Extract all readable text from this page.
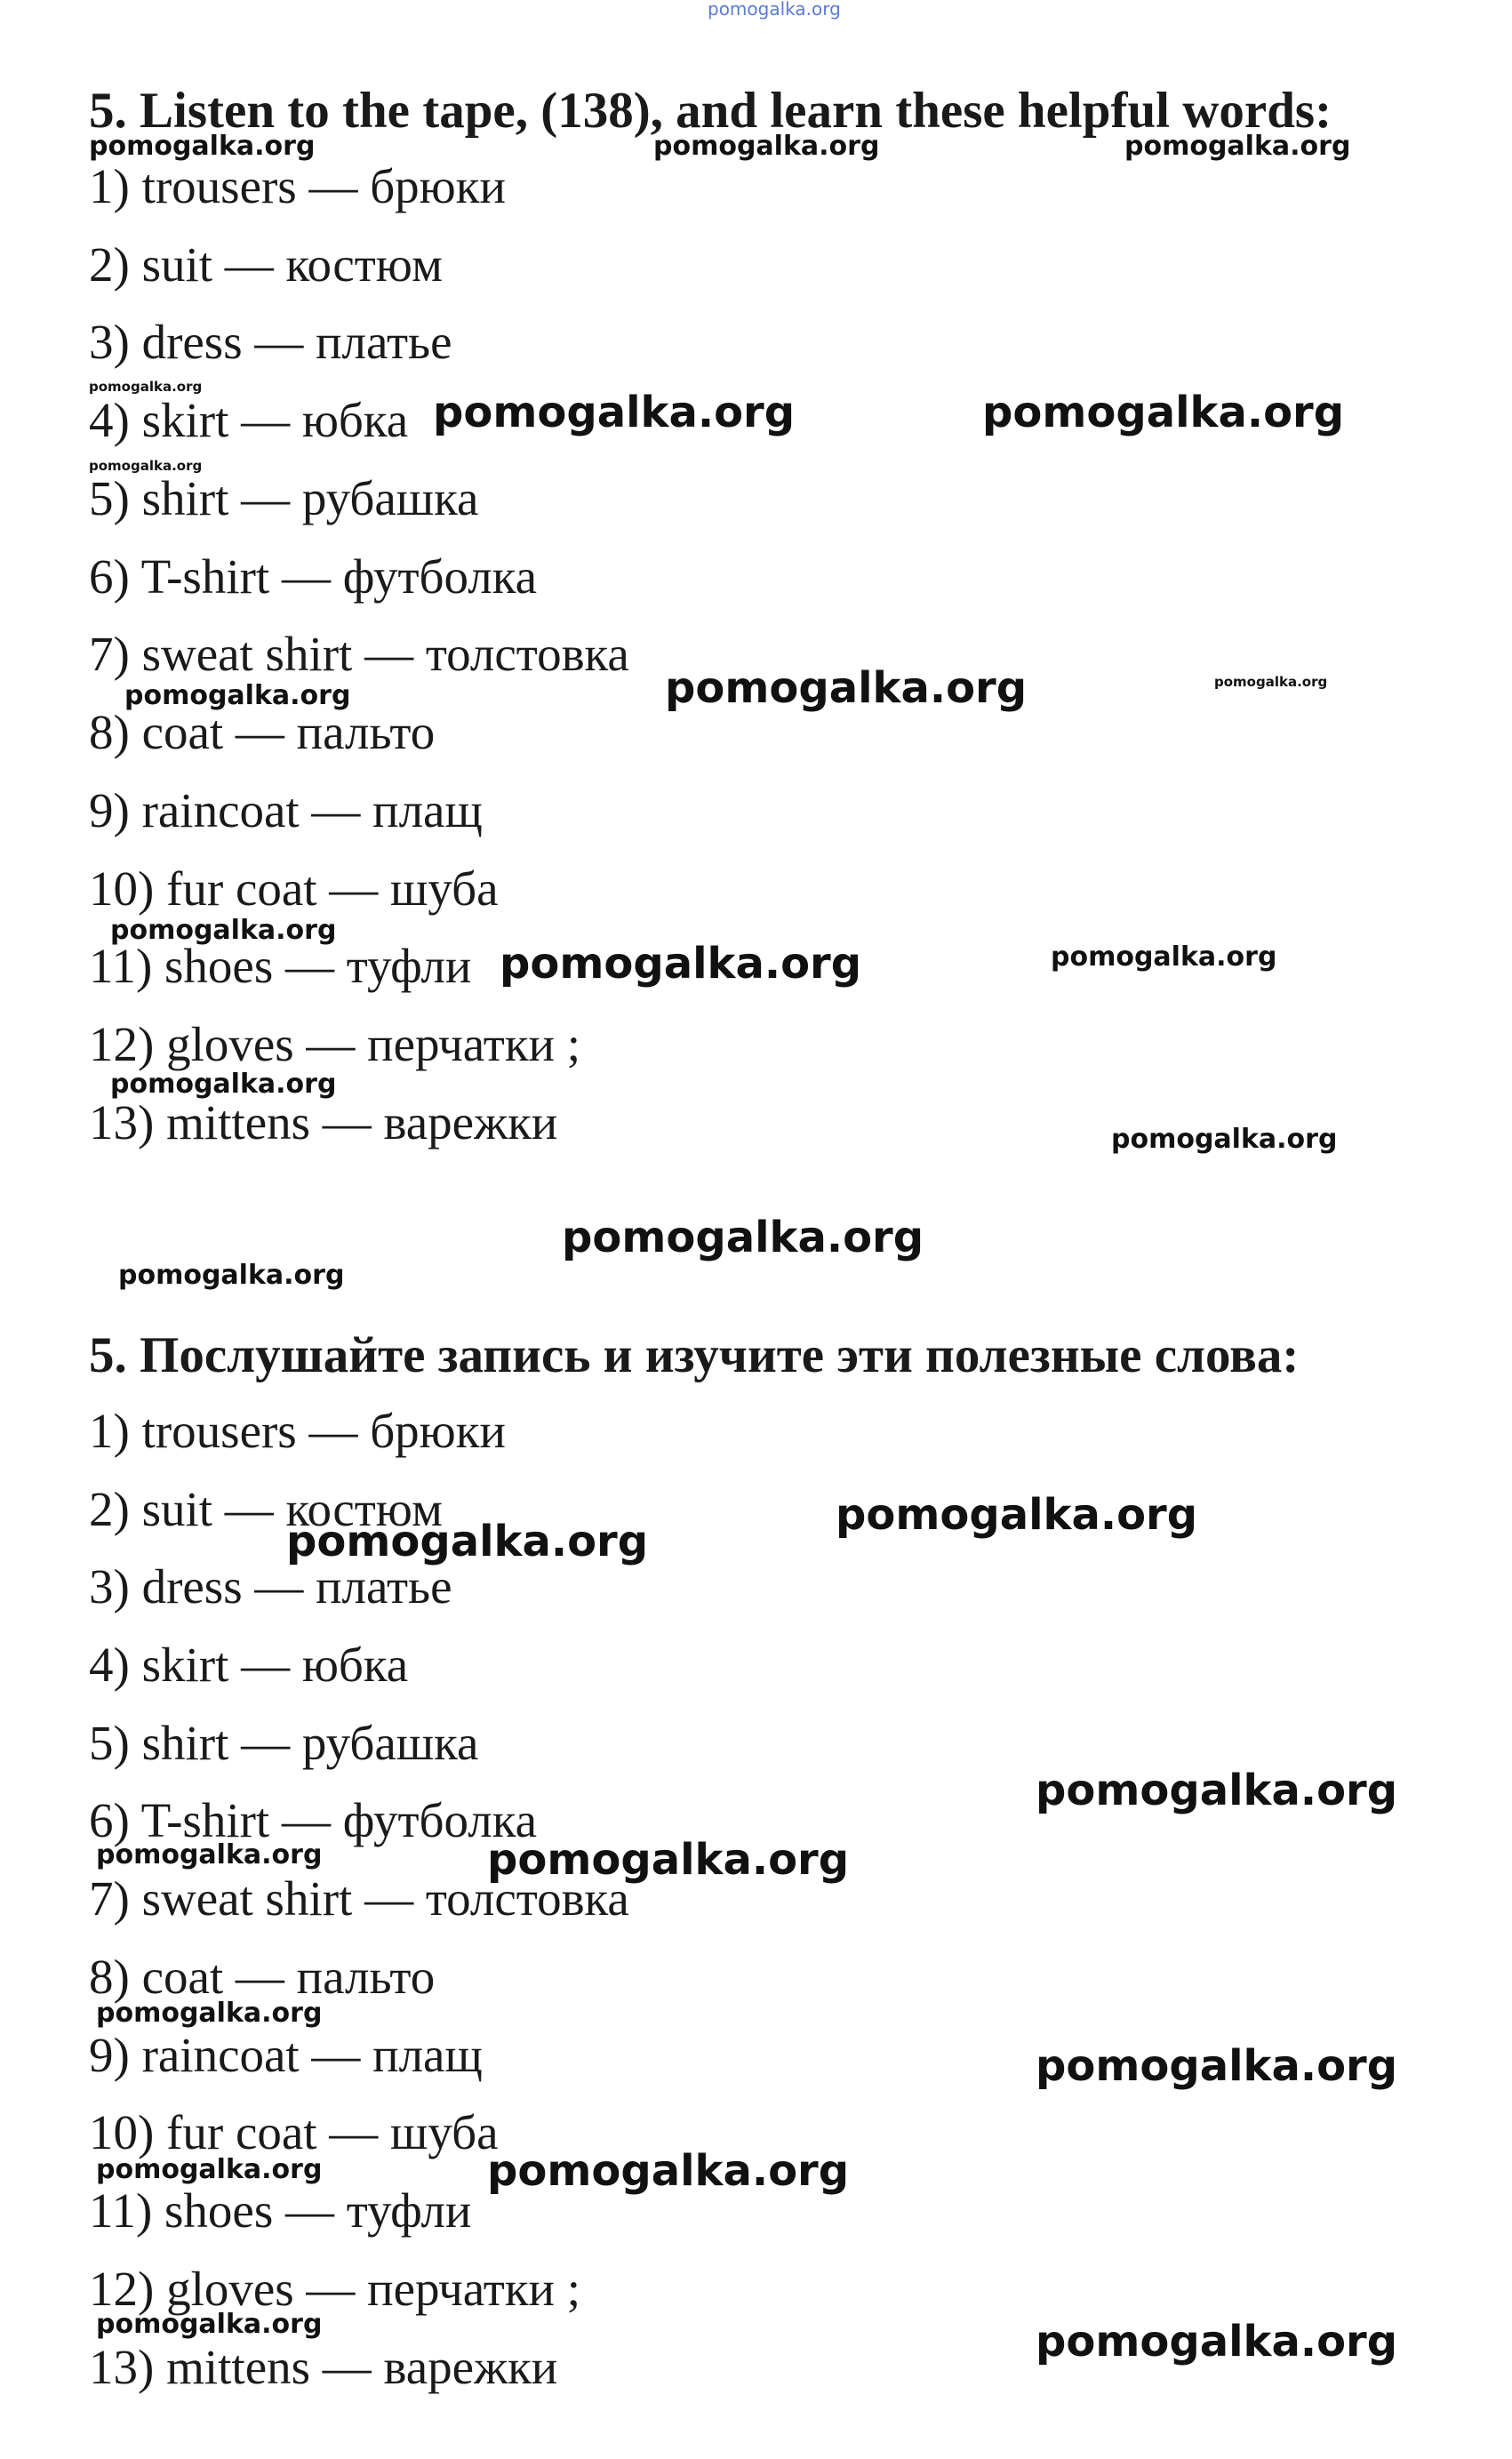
pomogalka.org
5. Listen to the tape, (138), and learn these helpful words:
1) trousers — брюки
2) suit — костюм
3) dress — платье
4) skirt — юбка
5) shirt — рубашка
6) T-shirt — футболка
7) sweat shirt — толстовка
8) coat — пальто
9) raincoat — плащ
10) fur coat — шуба
11) shoes — туфли
12) gloves — перчатки ;
13) mittens — варежки
5. Послушайте запись и изучите эти полезные слова:
1) trousers — брюки
2) suit — костюм
3) dress — платье
4) skirt — юбка
5) shirt — рубашка
6) T-shirt — футболка
7) sweat shirt — толстовка
8) coat — пальто
9) raincoat — плащ
10) fur coat — шуба
11) shoes — туфли
12) gloves — перчатки ;
13) mittens — варежки
pomogalka.org	pomogalka.org	pomogalka.org
pomogalka.org
pomogalka.org	pomogalka.org
pomogalka.org
pomogalka.org	pomogalka.org	pomogalka.org
pomogalka.org
pomogalka.org	pomogalka.org
pomogalka.org
pomogalka.org
pomogalka.org
pomogalka.org
pomogalka.org
pomogalka.org
pomogalka.org
pomogalka.org	pomogalka.org
pomogalka.org
pomogalka.org
pomogalka.org	pomogalka.org
pomogalka.org	pomogalka.org
